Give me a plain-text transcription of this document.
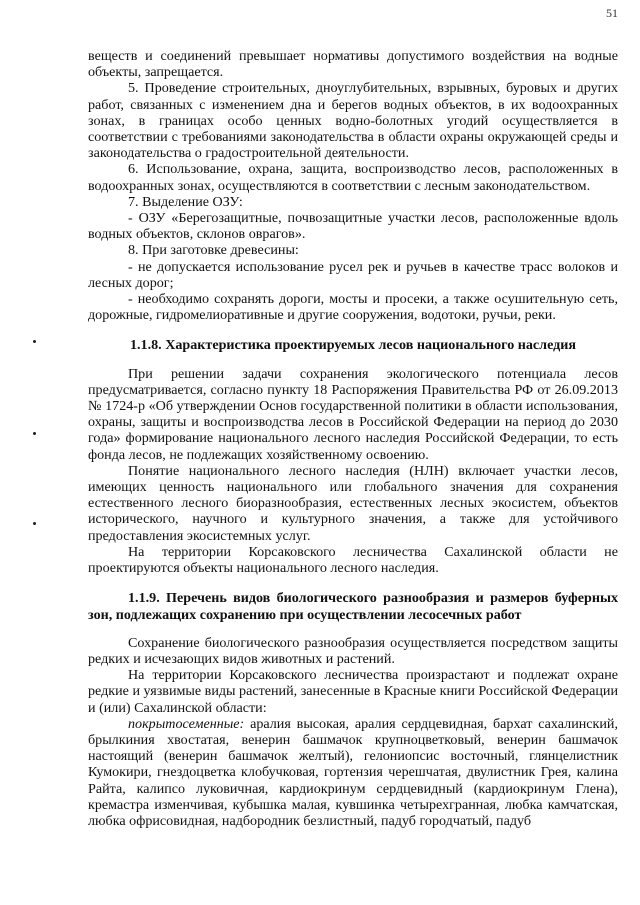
51

веществ и соединений превышает нормативы допустимого воздействия на водные объекты, запрещается.

5. Проведение строительных, дноуглубительных, взрывных, буровых и других работ, связанных с изменением дна и берегов водных объектов, в их водоохранных зонах, в границах особо ценных водно-болотных угодий осуществляется в соответствии с требованиями законодательства в области охраны окружающей среды и законодательства о градостроительной деятельности.

6. Использование, охрана, защита, воспроизводство лесов, расположенных в водоохранных зонах, осуществляются в соответствии с лесным законодательством.

7. Выделение ОЗУ:

- ОЗУ «Берегозащитные, почвозащитные участки лесов, расположенные вдоль водных объектов, склонов оврагов».

8. При заготовке древесины:

- не допускается использование русел рек и ручьев в качестве трасс волоков и лесных дорог;

- необходимо сохранять дороги, мосты и просеки, а также осушительную сеть, дорожные, гидромелиоративные и другие сооружения, водотоки, ручьи, реки.

1.1.8. Характеристика проектируемых лесов национального наследия

При решении задачи сохранения экологического потенциала лесов предусматривается, согласно пункту 18 Распоряжения Правительства РФ от 26.09.2013 № 1724-р «Об утверждении Основ государственной политики в области использования, охраны, защиты и воспроизводства лесов в Российской Федерации на период до 2030 года» формирование национального лесного наследия Российской Федерации, то есть фонда лесов, не подлежащих хозяйственному освоению.

Понятие национального лесного наследия (НЛН) включает участки лесов, имеющих ценность национального или глобального значения для сохранения естественного лесного биоразнообразия, естественных лесных экосистем, объектов исторического, научного и культурного значения, а также для устойчивого предоставления экосистемных услуг.

На территории Корсаковского лесничества Сахалинской области не проектируются объекты национального лесного наследия.

1.1.9. Перечень видов биологического разнообразия и размеров буферных зон, подлежащих сохранению при осуществлении лесосечных работ

Сохранение биологического разнообразия осуществляется посредством защиты редких и исчезающих видов животных и растений.

На территории Корсаковского лесничества произрастают и подлежат охране редкие и уязвимые виды растений, занесенные в Красные книги Российской Федерации и (или) Сахалинской области:

покрытосеменные: аралия высокая, аралия сердцевидная, бархат сахалинский, брылкиния хвостатая, венерин башмачок крупноцветковый, венерин башмачок настоящий (венерин башмачок желтый), гелониопсис восточный, глянцелистник Кумокири, гнездоцветка клобучковая, гортензия черешчатая, двулистник Грея, калина Райта, калипсо луковичная, кардиокринум сердцевидный (кардиокринум Глена), кремастра изменчивая, кубышка малая, кувшинка четырехгранная, любка камчатская, любка офрисовидная, надбородник безлистный, падуб городчатый, падуб
